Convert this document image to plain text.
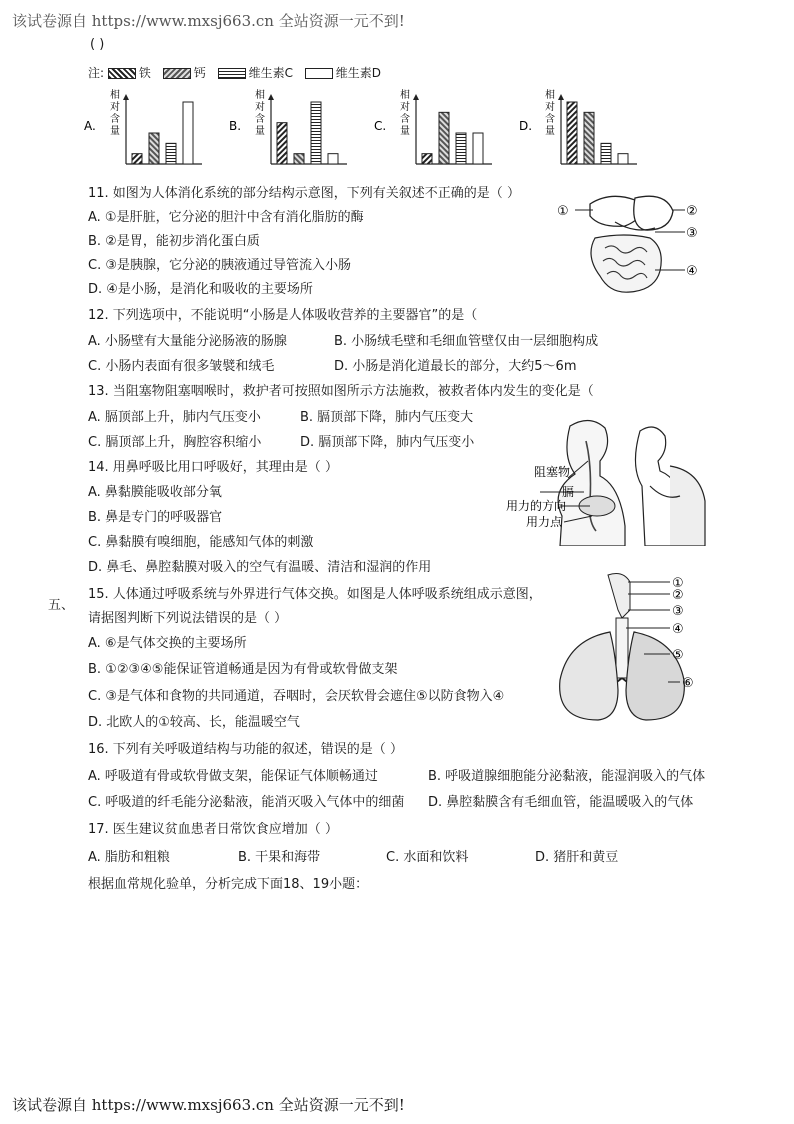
该试卷源自 https://www.mxsj663.cn 全站资源一元不到!
( )
注:	铁	钙	维生素C	维生素D
A.
相
对
含
量	B.
相
对
含
量	C.
相
对
含
量	D.
相
对
含
量
11. 如图为人体消化系统的部分结构示意图，下列有关叙述不正确的是（ ）
A. ①是肝脏，它分泌的胆汁中含有消化脂肪的酶
B. ②是胃，能初步消化蛋白质
C. ③是胰腺，它分泌的胰液通过导管流入小肠
D. ④是小肠，是消化和吸收的主要场所
①	②
③
④
12. 下列选项中，不能说明“小肠是人体吸收营养的主要器官”的是（
A. 小肠壁有大量能分泌肠液的肠腺	B. 小肠绒毛壁和毛细血管壁仅由一层细胞构成
C. 小肠内表面有很多皱襞和绒毛	D. 小肠是消化道最长的部分，大约5～6m
13. 当阻塞物阻塞咽喉时，救护者可按照如图所示方法施救，被救者体内发生的变化是（
A. 膈顶部上升，肺内气压变小	B. 膈顶部下降，肺内气压变大
C. 膈顶部上升，胸腔容积缩小	D. 膈顶部下降，肺内气压变小
阻塞物
膈
用力的方向
用力点
14. 用鼻呼吸比用口呼吸好，其理由是（ ）
A. 鼻黏膜能吸收部分氧
B. 鼻是专门的呼吸器官
C. 鼻黏膜有嗅细胞，能感知气体的刺激
D. 鼻毛、鼻腔黏膜对吸入的空气有温暖、清洁和湿润的作用
五、
15. 人体通过呼吸系统与外界进行气体交换。如图是人体呼吸系统组成示意图，
请据图判断下列说法错误的是（ ）
A. ⑥是气体交换的主要场所
B. ①②③④⑤能保证管道畅通是因为有骨或软骨做支架
C. ③是气体和食物的共同通道，吞咽时，会厌软骨会遮住⑤以防食物入④
D. 北欧人的①较高、长，能温暖空气
①
②
③
④
⑤
⑥
16. 下列有关呼吸道结构与功能的叙述，错误的是（ ）
A. 呼吸道有骨或软骨做支架，能保证气体顺畅通过	B. 呼吸道腺细胞能分泌黏液，能湿润吸入的气体
C. 呼吸道的纤毛能分泌黏液，能消灭吸入气体中的细菌 D. 鼻腔黏膜含有毛细血管，能温暖吸入的气体
17. 医生建议贫血患者日常饮食应增加（ ）
A. 脂肪和粗粮	B. 干果和海带	C. 水面和饮料	D. 猪肝和黄豆
根据血常规化验单，分析完成下面18、19小题：
该试卷源自 https://www.mxsj663.cn 全站资源一元不到!
